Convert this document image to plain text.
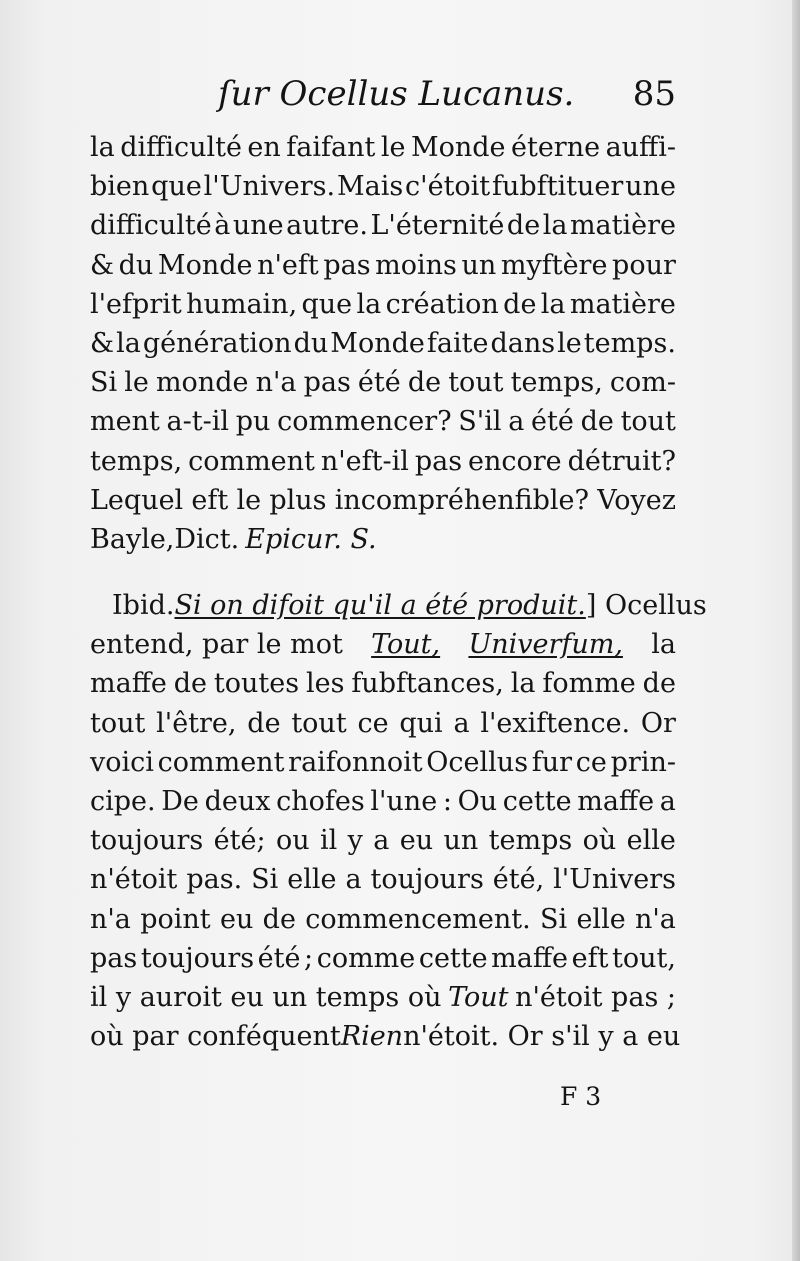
ſur Ocellus Lucanus. 85
la difficulté en faifant le Monde éterne auffi-
bien que l'Univers. Mais c'étoit fubftituer une
difficulté à une autre. L'éternité de la matière
& du Monde n'eft pas moins un myftère pour
l'efprit humain, que la création de la matière
& la génération du Monde faite dans le temps.
Si le monde n'a pas été de tout temps, com-
ment a-t-il pu commencer? S'il a été de tout
temps, comment n'eft-il pas encore détruit?
Lequel eft le plus incompréhenfible? Voyez
Bayle, Dict. Epicur. S.
Ibid. Si on difoit qu'il a été produit. ] Ocellus
entend, par le mot Tout, Univerfum, la
maffe de toutes les fubftances, la fomme de
tout l'être, de tout ce qui a l'exiftence. Or
voici comment raifonnoit Ocellus fur ce prin-
cipe. De deux chofes l'une : Ou cette maffe a
toujours été; ou il y a eu un temps où elle
n'étoit pas. Si elle a toujours été, l'Univers
n'a point eu de commencement. Si elle n'a
pas toujours été ; comme cette maffe eft tout,
il y auroit eu un temps où Tout n'étoit pas ;
où par conféquent Rien n'étoit. Or s'il y a eu
F 3
